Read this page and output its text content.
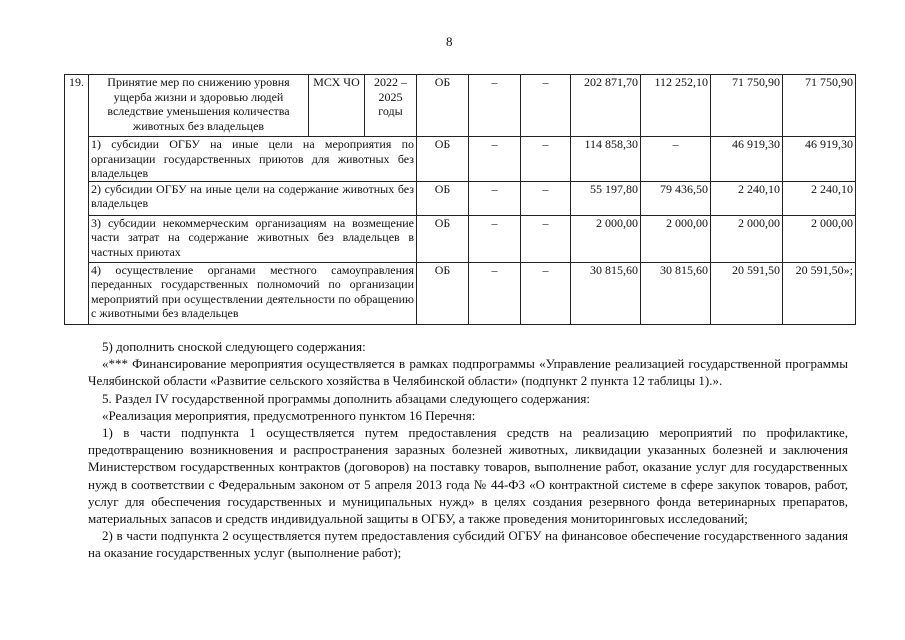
8
19.	Принятие мер по снижению уровня ущерба жизни и здоровью людей вследствие уменьшения количества животных без владельцев	МСХ ЧО	2022 – 2025 годы	ОБ	–	–	202 871,70	112 252,10	71 750,90	71 750,90
	1) субсидии ОГБУ на иные цели на мероприятия по организации государственных приютов для животных без владельцев			ОБ	–	–	114 858,30	–	46 919,30	46 919,30
	2) субсидии ОГБУ на иные цели на содержание животных без владельцев			ОБ	–	–	55 197,80	79 436,50	2 240,10	2 240,10
	3) субсидии некоммерческим организациям на возмещение части затрат на содержание животных без владельцев в частных приютах			ОБ	–	–	2 000,00	2 000,00	2 000,00	2 000,00
	4) осуществление органами местного самоуправления переданных государственных полномочий по организации мероприятий при осуществлении деятельности по обращению с животными без владельцев			ОБ	–	–	30 815,60	30 815,60	20 591,50	20 591,50»;

5) дополнить сноской следующего содержания:

«*** Финансирование мероприятия осуществляется в рамках подпрограммы «Управление реализацией государственной программы Челябинской области «Развитие сельского хозяйства в Челябинской области» (подпункт 2 пункта 12 таблицы 1).».

5. Раздел IV государственной программы дополнить абзацами следующего содержания:

«Реализация мероприятия, предусмотренного пунктом 16 Перечня:

1) в части подпункта 1 осуществляется путем предоставления средств на реализацию мероприятий по профилактике, предотвращению возникновения и распространения заразных болезней животных, ликвидации указанных болезней и заключения Министерством государственных контрактов (договоров) на поставку товаров, выполнение работ, оказание услуг для государственных нужд в соответствии с Федеральным законом от 5 апреля 2013 года № 44-ФЗ «О контрактной системе в сфере закупок товаров, работ, услуг для обеспечения государственных и муниципальных нужд» в целях создания резервного фонда ветеринарных препаратов, материальных запасов и средств индивидуальной защиты в ОГБУ, а также проведения мониторинговых исследований;

2) в части подпункта 2 осуществляется путем предоставления субсидий ОГБУ на финансовое обеспечение государственного задания на оказание государственных услуг (выполнение работ);
